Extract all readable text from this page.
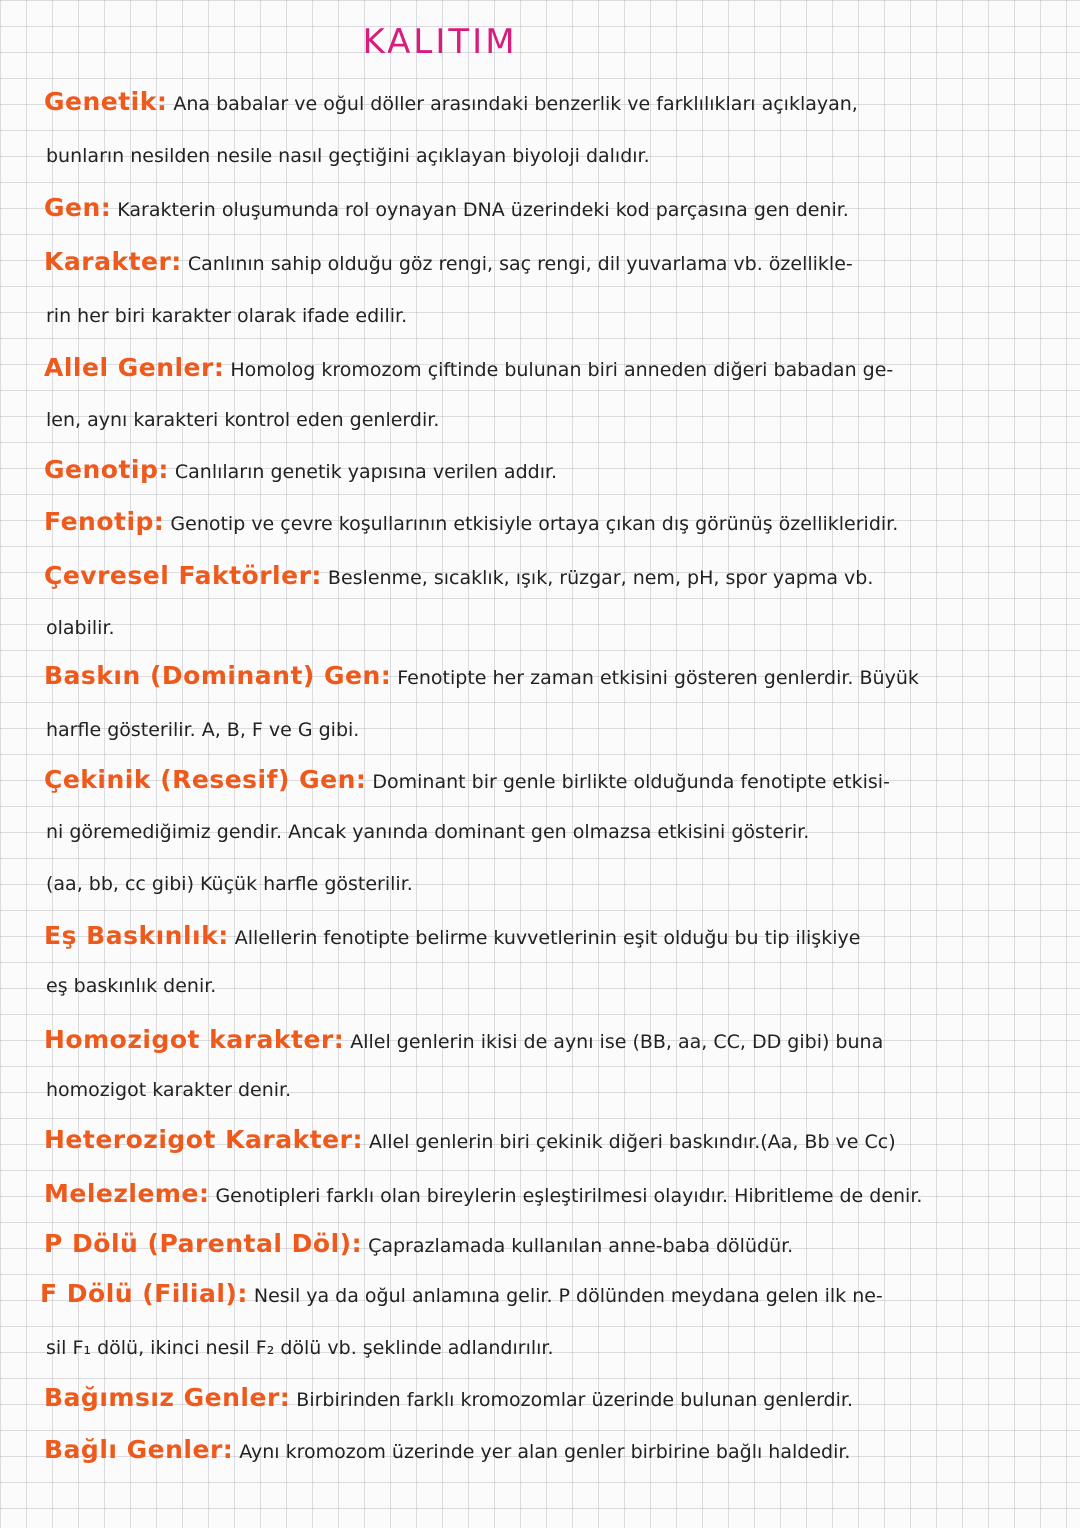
KALITIM
Genetik: Ana babalar ve oğul döller arasındaki benzerlik ve farklılıkları açıklayan,
bunların nesilden nesile nasıl geçtiğini açıklayan biyoloji dalıdır.
Gen: Karakterin oluşumunda rol oynayan DNA üzerindeki kod parçasına gen denir.
Karakter: Canlının sahip olduğu göz rengi, saç rengi, dil yuvarlama vb. özellikle-
rin her biri karakter olarak ifade edilir.
Allel Genler: Homolog kromozom çiftinde bulunan biri anneden diğeri babadan ge-
len, aynı karakteri kontrol eden genlerdir.
Genotip: Canlıların genetik yapısına verilen addır.
Fenotip: Genotip ve çevre koşullarının etkisiyle ortaya çıkan dış görünüş özellikleridir.
Çevresel Faktörler: Beslenme, sıcaklık, ışık, rüzgar, nem, pH, spor yapma vb.
olabilir.
Baskın (Dominant) Gen: Fenotipte her zaman etkisini gösteren genlerdir. Büyük
harfle gösterilir. A, B, F ve G gibi.
Çekinik (Resesif) Gen: Dominant bir genle birlikte olduğunda fenotipte etkisi-
ni göremediğimiz gendir. Ancak yanında dominant gen olmazsa etkisini gösterir.
(aa, bb, cc gibi) Küçük harfle gösterilir.
Eş Baskınlık: Allellerin fenotipte belirme kuvvetlerinin eşit olduğu bu tip ilişkiye
eş baskınlık denir.
Homozigot karakter: Allel genlerin ikisi de aynı ise (BB, aa, CC, DD gibi) buna
homozigot karakter denir.
Heterozigot Karakter: Allel genlerin biri çekinik diğeri baskındır.(Aa, Bb ve Cc)
Melezleme: Genotipleri farklı olan bireylerin eşleştirilmesi olayıdır. Hibritleme de denir.
P Dölü (Parental Döl): Çaprazlamada kullanılan anne-baba dölüdür.
F Dölü (Filial): Nesil ya da oğul anlamına gelir. P dölünden meydana gelen ilk ne-
sil F₁ dölü, ikinci nesil F₂ dölü vb. şeklinde adlandırılır.
Bağımsız Genler: Birbirinden farklı kromozomlar üzerinde bulunan genlerdir.
Bağlı Genler: Aynı kromozom üzerinde yer alan genler birbirine bağlı haldedir.
